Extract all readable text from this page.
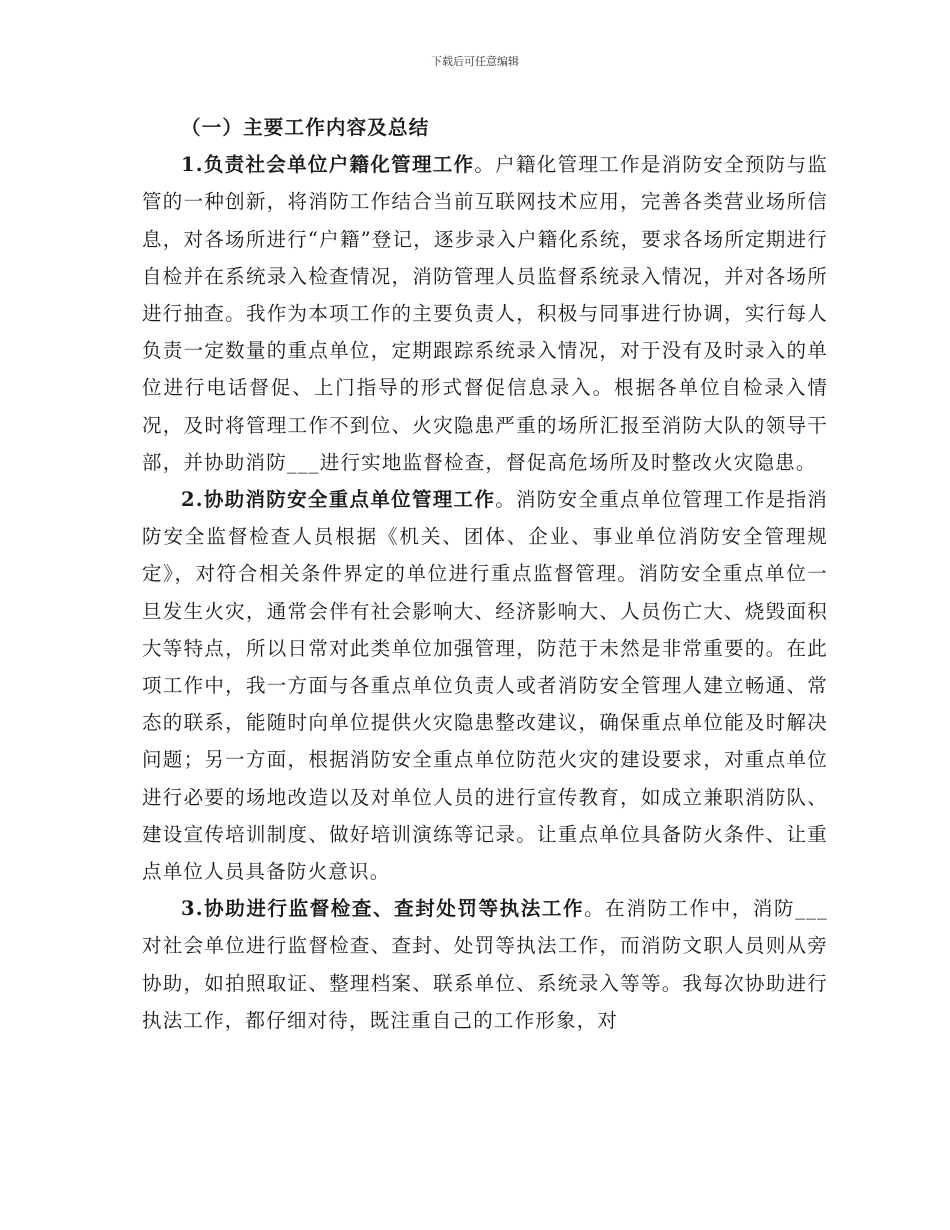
下载后可任意编辑

（一）主要工作内容及总结

1.负责社会单位户籍化管理工作。户籍化管理工作是消防安全预防与监管的一种创新，将消防工作结合当前互联网技术应用，完善各类营业场所信息，对各场所进行“户籍”登记，逐步录入户籍化系统，要求各场所定期进行自检并在系统录入检查情况，消防管理人员监督系统录入情况，并对各场所进行抽查。我作为本项工作的主要负责人，积极与同事进行协调，实行每人负责一定数量的重点单位，定期跟踪系统录入情况，对于没有及时录入的单位进行电话督促、上门指导的形式督促信息录入。根据各单位自检录入情况，及时将管理工作不到位、火灾隐患严重的场所汇报至消防大队的领导干部，并协助消防___进行实地监督检查，督促高危场所及时整改火灾隐患。

2.协助消防安全重点单位管理工作。消防安全重点单位管理工作是指消防安全监督检查人员根据《机关、团体、企业、事业单位消防安全管理规定》，对符合相关条件界定的单位进行重点监督管理。消防安全重点单位一旦发生火灾，通常会伴有社会影响大、经济影响大、人员伤亡大、烧毁面积大等特点，所以日常对此类单位加强管理，防范于未然是非常重要的。在此项工作中，我一方面与各重点单位负责人或者消防安全管理人建立畅通、常态的联系，能随时向单位提供火灾隐患整改建议，确保重点单位能及时解决问题；另一方面，根据消防安全重点单位防范火灾的建设要求，对重点单位进行必要的场地改造以及对单位人员的进行宣传教育，如成立兼职消防队、建设宣传培训制度、做好培训演练等记录。让重点单位具备防火条件、让重点单位人员具备防火意识。

3.协助进行监督检查、查封处罚等执法工作。在消防工作中，消防___对社会单位进行监督检查、查封、处罚等执法工作，而消防文职人员则从旁协助，如拍照取证、整理档案、联系单位、系统录入等等。我每次协助进行执法工作，都仔细对待，既注重自己的工作形象，对
